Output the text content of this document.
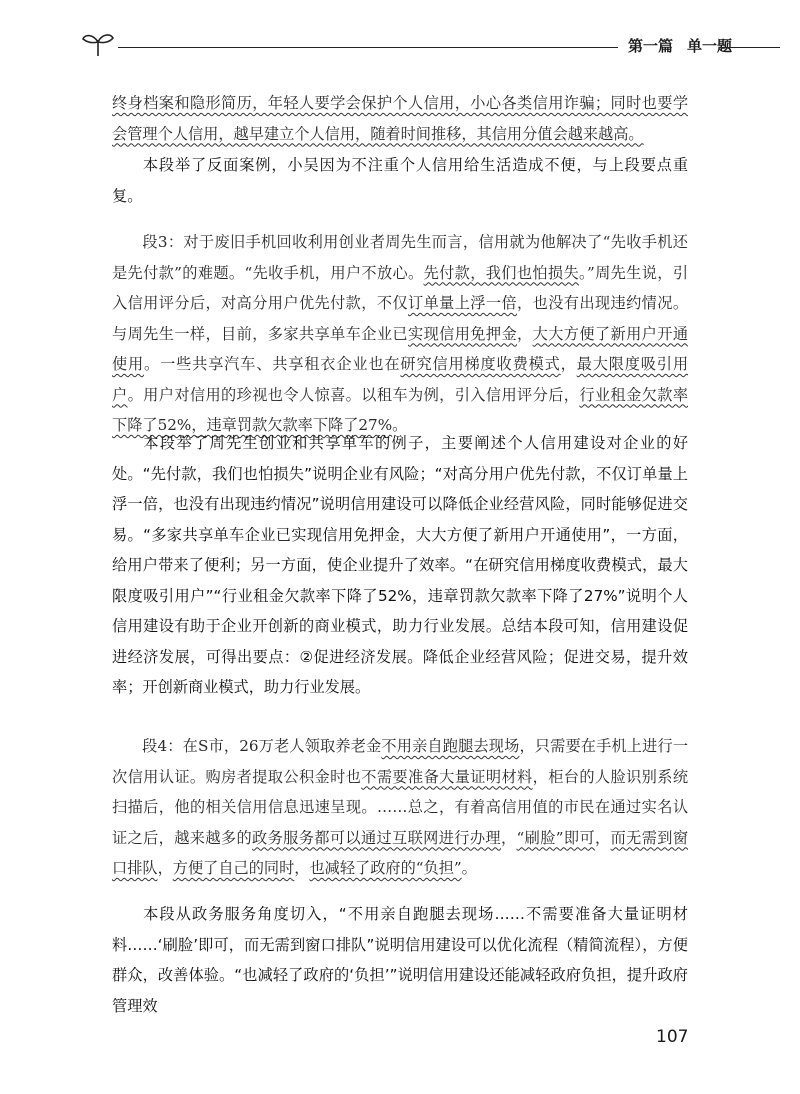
第一篇 单一题

终身档案和隐形简历，年轻人要学会保护个人信用，小心各类信用诈骗；同时也要学会管理个人信用，越早建立个人信用，随着时间推移，其信用分值会越来越高。

本段举了反面案例，小吴因为不注重个人信用给生活造成不便，与上段要点重复。

段3：对于废旧手机回收利用创业者周先生而言，信用就为他解决了“先收手机还是先付款”的难题。“先收手机，用户不放心。先付款，我们也怕损失。”周先生说，引入信用评分后，对高分用户优先付款，不仅订单量上浮一倍，也没有出现违约情况。与周先生一样，目前，多家共享单车企业已实现信用免押金，大大方便了新用户开通使用。一些共享汽车、共享租衣企业也在研究信用梯度收费模式，最大限度吸引用户。用户对信用的珍视也令人惊喜。以租车为例，引入信用评分后，行业租金欠款率下降了52%，违章罚款欠款率下降了27%。

本段举了周先生创业和共享单车的例子，主要阐述个人信用建设对企业的好处。“先付款，我们也怕损失”说明企业有风险；“对高分用户优先付款，不仅订单量上浮一倍，也没有出现违约情况”说明信用建设可以降低企业经营风险，同时能够促进交易。“多家共享单车企业已实现信用免押金，大大方便了新用户开通使用”，一方面，给用户带来了便利；另一方面，使企业提升了效率。“在研究信用梯度收费模式，最大限度吸引用户”“行业租金欠款率下降了52%，违章罚款欠款率下降了27%”说明个人信用建设有助于企业开创新的商业模式，助力行业发展。总结本段可知，信用建设促进经济发展，可得出要点：②促进经济发展。降低企业经营风险；促进交易，提升效率；开创新商业模式，助力行业发展。

段4：在S市，26万老人领取养老金不用亲自跑腿去现场，只需要在手机上进行一次信用认证。购房者提取公积金时也不需要准备大量证明材料，柜台的人脸识别系统扫描后，他的相关信用信息迅速呈现。……总之，有着高信用值的市民在通过实名认证之后，越来越多的政务服务都可以通过互联网进行办理，“刷脸”即可，而无需到窗口排队，方便了自己的同时，也减轻了政府的“负担”。

本段从政务服务角度切入，“不用亲自跑腿去现场……不需要准备大量证明材料……‘刷脸’即可，而无需到窗口排队”说明信用建设可以优化流程（精简流程），方便群众，改善体验。“也减轻了政府的‘负担’”说明信用建设还能减轻政府负担，提升政府管理效

107
